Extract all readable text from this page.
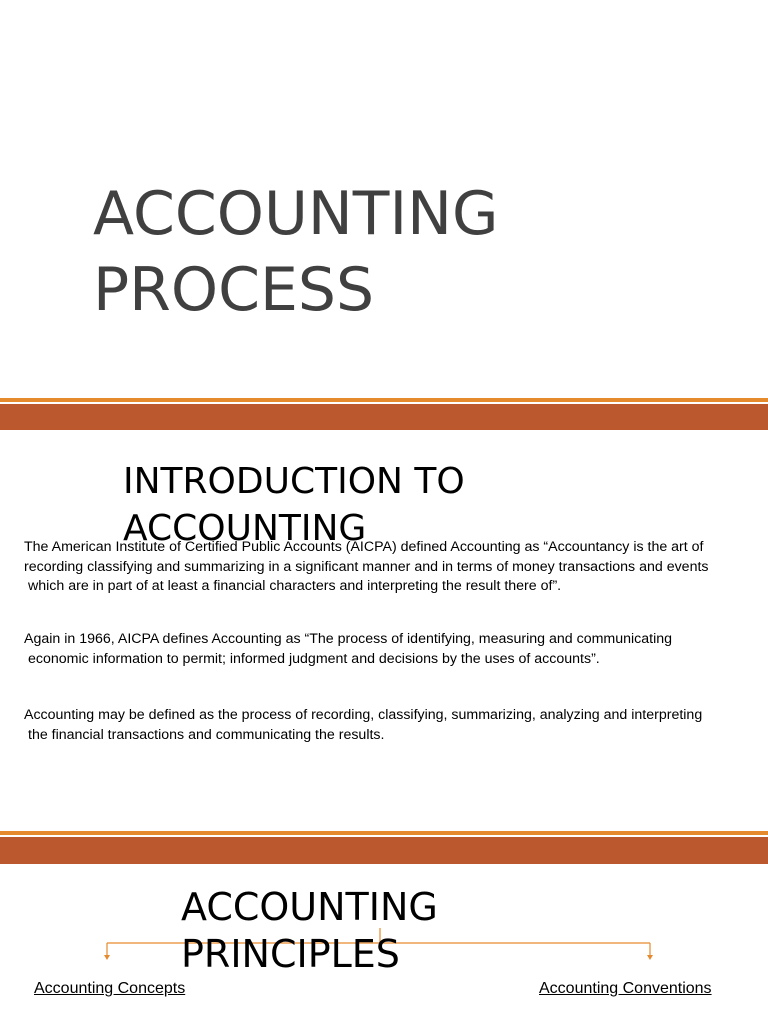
ACCOUNTING
PROCESS
INTRODUCTION TO
ACCOUNTING

The American Institute of Certified Public Accounts (AICPA) defined Accounting as “Accountancy is the art of
recording classifying and summarizing in a significant manner and in terms of money transactions and events
which are in part of at least a financial characters and interpreting the result there of”.

Again in 1966, AICPA defines Accounting as “The process of identifying, measuring and communicating
economic information to permit; informed judgment and decisions by the uses of accounts”.

Accounting may be defined as the process of recording, classifying, summarizing, analyzing and interpreting
the financial transactions and communicating the results.

ACCOUNTING
PRINCIPLES
Accounting Concepts	Accounting Conventions
